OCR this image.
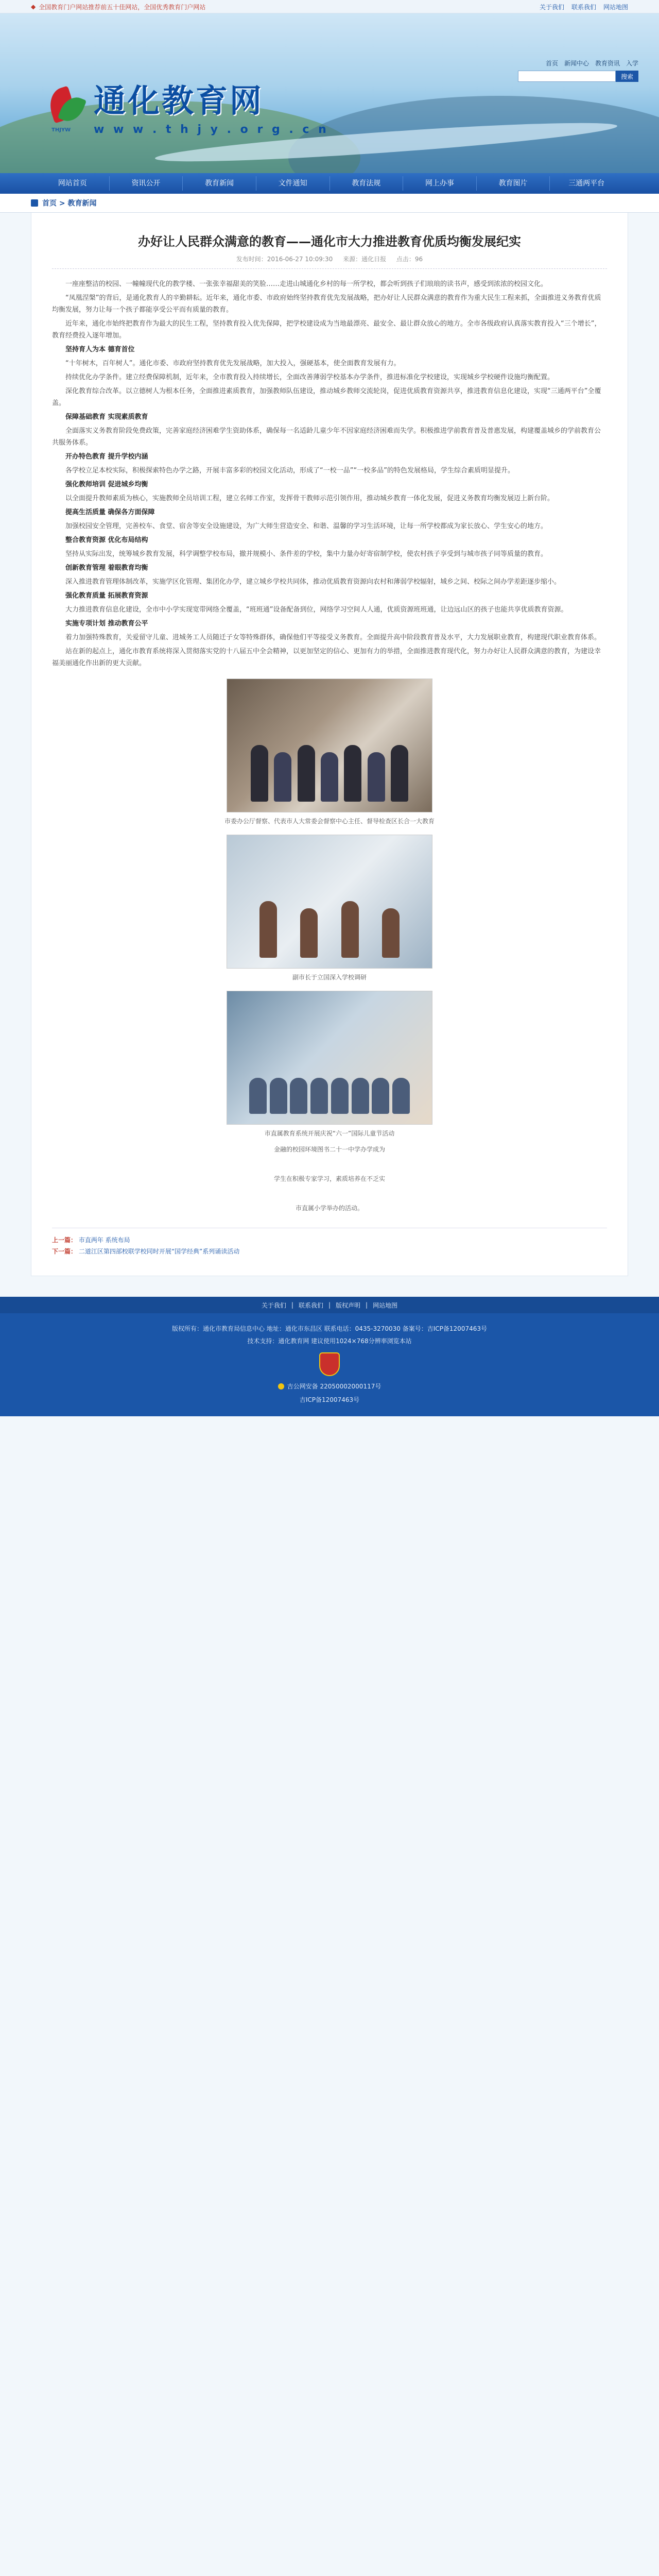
◆ 全国教育门户网站推荐前五十佳网站，全国优秀教育门户网站	关于我们 联系我们 网站地图
THJYW
通化教育网
w w w . t h j y . o r g . c n
首页 新闻中心 教育资讯 入学
搜索
网站首页	资讯公开	教育新闻	文件通知	教育法规	网上办事	教育图片	三通两平台
首页 > 教育新闻
办好让人民群众满意的教育——通化市大力推进教育优质均衡发展纪实
发布时间：2016-06-27 10:09:30 来源：通化日报 点击：96

一座座整洁的校园、一幢幢现代化的教学楼、一张张幸福甜美的笑脸……走进山城通化乡村的每一所学校，都会听到孩子们琅琅的读书声，感受到浓浓的校园文化。

“凤凰涅槃”的背后，是通化教育人的辛勤耕耘。近年来，通化市委、市政府始终坚持教育优先发展战略，把办好让人民群众满意的教育作为重大民生工程来抓，全面推进义务教育优质均衡发展，努力让每一个孩子都能享受公平而有质量的教育。

近年来，通化市始终把教育作为最大的民生工程，坚持教育投入优先保障，把学校建设成为当地最漂亮、最安全、最让群众放心的地方。全市各级政府认真落实教育投入“三个增长”，教育经费投入逐年增加。

坚持育人为本 德育首位

“十年树木，百年树人”。通化市委、市政府坚持教育优先发展战略，加大投入，强硬基本，使全面教育发展有力。

持续优化办学条件。建立经费保障机制，近年来，全市教育投入持续增长，全面改善薄弱学校基本办学条件，推进标准化学校建设，实现城乡学校硬件设施均衡配置。

深化教育综合改革。以立德树人为根本任务，全面推进素质教育，加强教师队伍建设，推动城乡教师交流轮岗，促进优质教育资源共享，推进教育信息化建设，实现“三通两平台”全覆盖。

保障基础教育 实现素质教育

全面落实义务教育阶段免费政策，完善家庭经济困难学生资助体系，确保每一名适龄儿童少年不因家庭经济困难而失学。积极推进学前教育普及普惠发展，构建覆盖城乡的学前教育公共服务体系。

开办特色教育 提升学校内涵

各学校立足本校实际，积极探索特色办学之路，开展丰富多彩的校园文化活动，形成了“一校一品”“一校多品”的特色发展格局，学生综合素质明显提升。

强化教师培训 促进城乡均衡

以全面提升教师素质为核心，实施教师全员培训工程，建立名师工作室，发挥骨干教师示范引领作用，推动城乡教育一体化发展，促进义务教育均衡发展迈上新台阶。

提高生活质量 确保各方面保障

加强校园安全管理，完善校车、食堂、宿舍等安全设施建设，为广大师生营造安全、和谐、温馨的学习生活环境，让每一所学校都成为家长放心、学生安心的地方。

整合教育资源 优化布局结构

坚持从实际出发，统筹城乡教育发展，科学调整学校布局，撤并规模小、条件差的学校，集中力量办好寄宿制学校，使农村孩子享受到与城市孩子同等质量的教育。

创新教育管理 着眼教育均衡

深入推进教育管理体制改革，实施学区化管理、集团化办学，建立城乡学校共同体，推动优质教育资源向农村和薄弱学校辐射，城乡之间、校际之间办学差距逐步缩小。

强化教育质量 拓展教育资源

大力推进教育信息化建设，全市中小学实现宽带网络全覆盖，“班班通”设备配备到位，网络学习空间人人通，优质资源班班通，让边远山区的孩子也能共享优质教育资源。

实施专项计划 推动教育公平

着力加强特殊教育，关爱留守儿童、进城务工人员随迁子女等特殊群体，确保他们平等接受义务教育。全面提升高中阶段教育普及水平，大力发展职业教育，构建现代职业教育体系。

站在新的起点上，通化市教育系统将深入贯彻落实党的十八届五中全会精神，以更加坚定的信心、更加有力的举措，全面推进教育现代化，努力办好让人民群众满意的教育，为建设幸福美丽通化作出新的更大贡献。

市委办公厅督察、代表市人大常委会督察中心主任、督导检查区长合一大教育
副市长于立国深入学校调研
市直属教育系统开展庆祝“六一”国际儿童节活动
金融的校园环境图书二十一中学办学成为
学生在积极专家学习，素质培养在不乏实
市直属小学举办的活动。
上一篇： 市直两年 系统布局
下一篇： 二道江区第四部校联学校同时开展“国学经典”系列诵读活动
关于我们 | 联系我们 | 版权声明 | 网站地图
版权所有：通化市教育局信息中心 地址：通化市东昌区 联系电话：0435-3270030 备案号：吉ICP备12007463号
技术支持：通化教育网 建议使用1024×768分辨率浏览本站
吉公网安备 22050002000117号
吉ICP备12007463号
